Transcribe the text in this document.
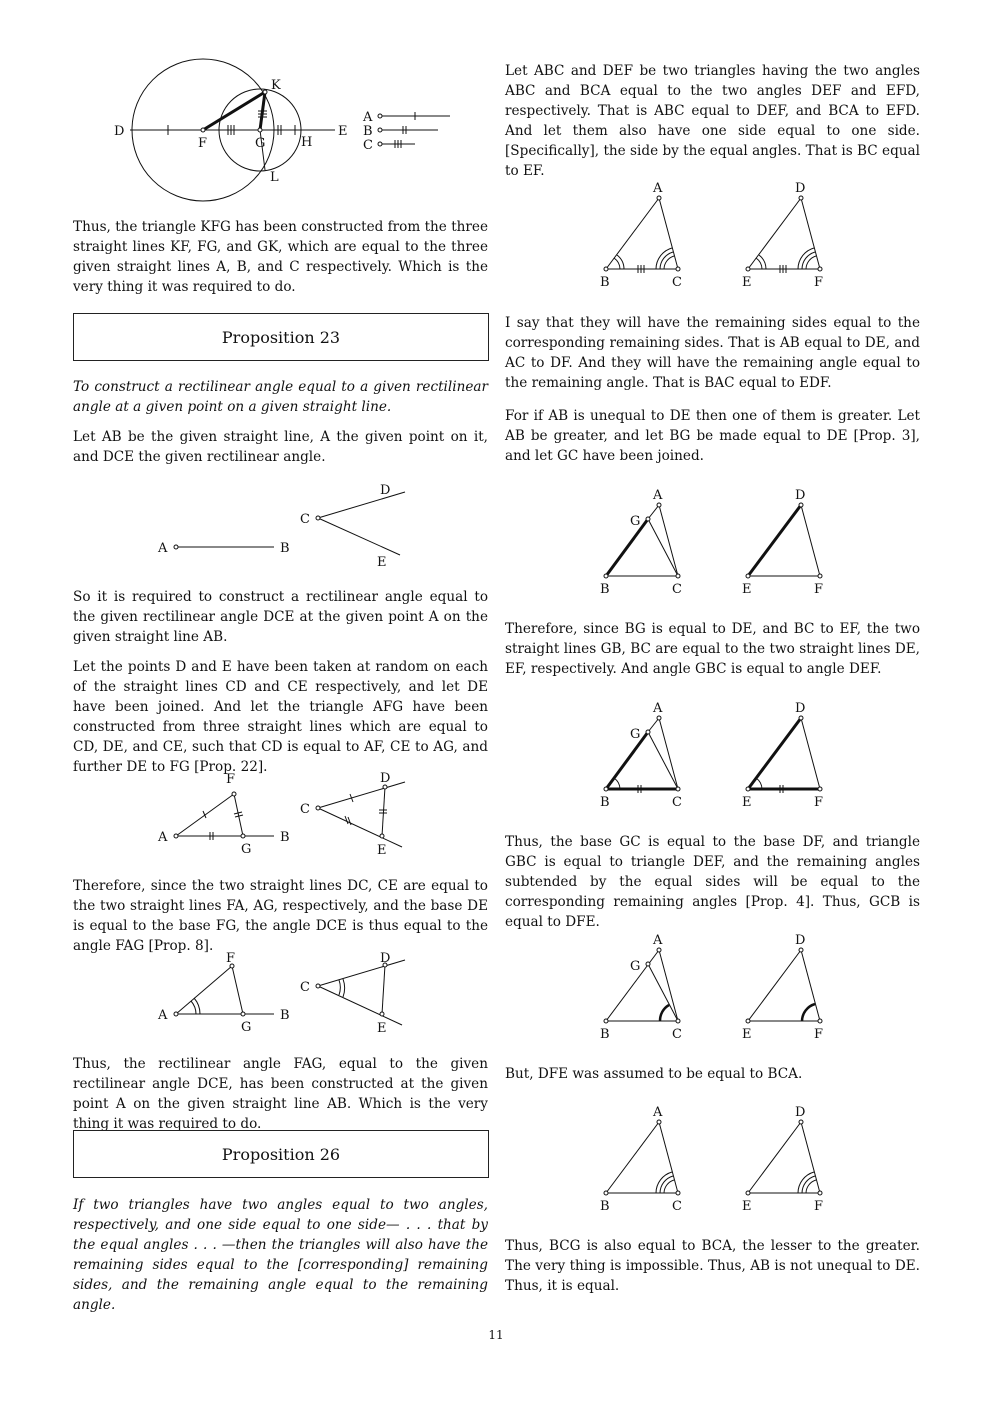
D
F	G	H
E
K
L
A
B
C

Thus, the triangle KFG has been constructed from the three straight lines KF, FG, and GK, which are equal to the three given straight lines A, B, and C respectively. Which is the very thing it was required to do.

Proposition 23

To construct a rectilinear angle equal to a given rectilinear angle at a given point on a given straight line.

Let AB be the given straight line, A the given point on it, and DCE the given rectilinear angle.

A	B
C
D
E

So it is required to construct a rectilinear angle equal to the given rectilinear angle DCE at the given point A on the given straight line AB.

Let the points D and E have been taken at random on each of the straight lines CD and CE respectively, and let DE have been joined. And let the triangle AFG have been constructed from three straight lines which are equal to CD, DE, and CE, such that CD is equal to AF, CE to AG, and further DE to FG [Prop. 22].

A
F
G
B
C
D
E

Therefore, since the two straight lines DC, CE are equal to the two straight lines FA, AG, respectively, and the base DE is equal to the base FG, the angle DCE is thus equal to the angle FAG [Prop. 8].

A
F
G
B
C
D
E

Thus, the rectilinear angle FAG, equal to the given rectilinear angle DCE, has been constructed at the given point A on the given straight line AB. Which is the very thing it was required to do.

Proposition 26

If two triangles have two angles equal to two angles, respectively, and one side equal to one side— . . . that by the equal angles . . . —then the triangles will also have the remaining sides equal to the [corresponding] remaining sides, and the remaining angle equal to the remaining angle.

Let ABC and DEF be two triangles having the two angles ABC and BCA equal to the two angles DEF and EFD, respectively. That is ABC equal to DEF, and BCA to EFD. And let them also have one side equal to one side. [Specifically], the side by the equal angles. That is BC equal to EF.

A
B	C
D
E	F

I say that they will have the remaining sides equal to the corresponding remaining sides. That is AB equal to DE, and AC to DF. And they will have the remaining angle equal to the remaining angle. That is BAC equal to EDF.

For if AB is unequal to DE then one of them is greater. Let AB be greater, and let BG be made equal to DE [Prop. 3], and let GC have been joined.

A
G
B	C
D
E	F

Therefore, since BG is equal to DE, and BC to EF, the two straight lines GB, BC are equal to the two straight lines DE, EF, respectively. And angle GBC is equal to angle DEF.

A
G
B	C
D
E	F

Thus, the base GC is equal to the base DF, and triangle GBC is equal to triangle DEF, and the remaining angles subtended by the equal sides will be equal to the corresponding remaining angles [Prop. 4]. Thus, GCB is equal to DFE.

A
G
B	C
D
E	F

But, DFE was assumed to be equal to BCA.

A
B	C
D
E	F

Thus, BCG is also equal to BCA, the lesser to the greater. The very thing is impossible. Thus, AB is not unequal to DE. Thus, it is equal.

11
